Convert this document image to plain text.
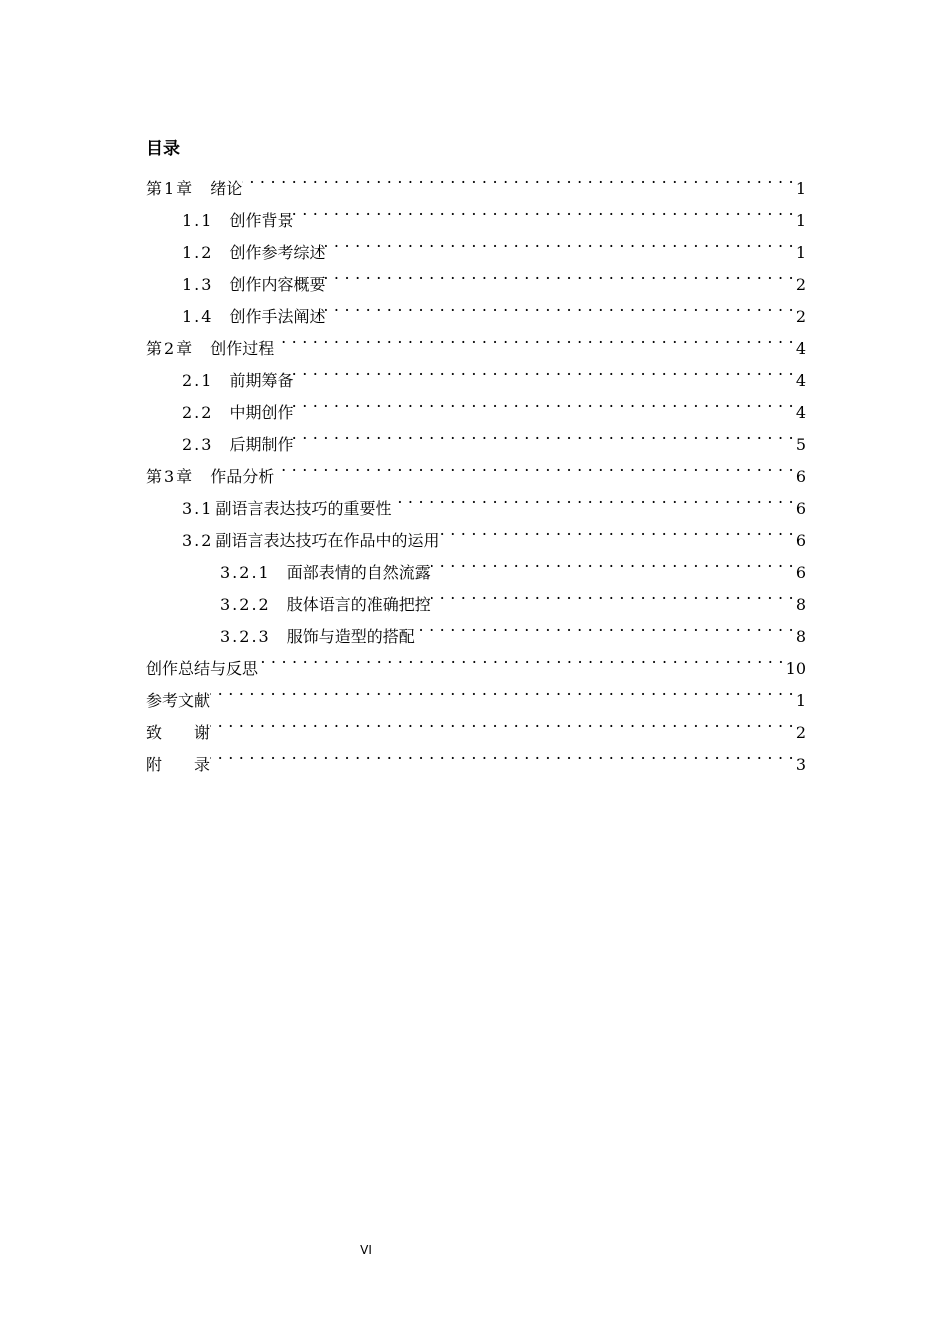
目录
第1章 绪论 . . .	1
1.1 创作背景 . . .	1
1.2 创作参考综述 . . .	1
1.3 创作内容概要 . . .	2
1.4 创作手法阐述 . . .	2
第2章 创作过程 . . .	4
2.1 前期筹备 . . .	4
2.2 中期创作 . . .	4
2.3 后期制作 . . .	5
第3章 作品分析 . . .	6
3.1 副语言表达技巧的重要性 . . .	6
3.2 副语言表达技巧在作品中的运用 . . .	6
3.2.1 面部表情的自然流露 . . .	6
3.2.2 肢体语言的准确把控 . . .	8
3.2.3 服饰与造型的搭配 . . .	8
创作总结与反思 . . .	10
参考文献 . . .	1
致　　谢 . . .	2
附　　录 . . .	3
VI
